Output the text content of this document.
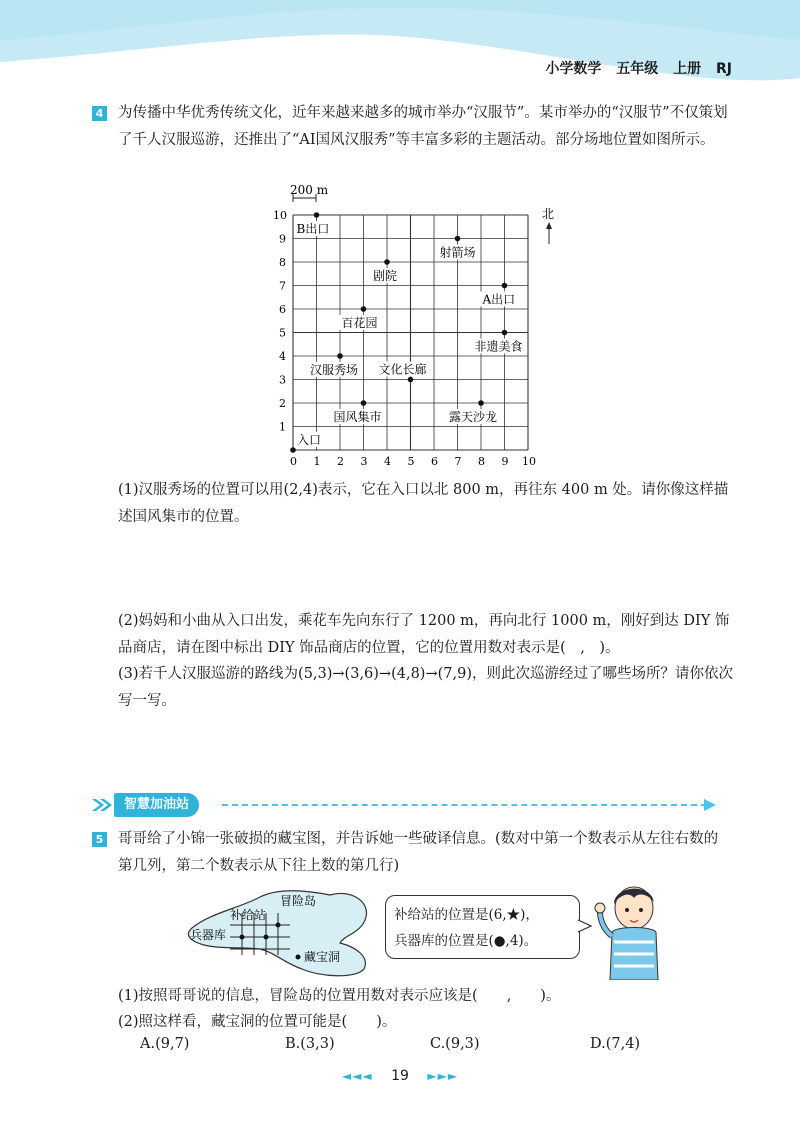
小学数学 五年级 上册 RJ
4 为传播中华优秀传统文化，近年来越来越多的城市举办“汉服节”。某市举办的“汉服节”不仅策划了千人汉服巡游，还推出了“AI国风汉服秀”等丰富多彩的主题活动。部分场地位置如图所示。
200 m
0 1 2 3 4 5 6 7 8 9 10
1
2
3
4
5
6
7
8
9
10
入口
B出口
射箭场
剧院
A出口
百花园
非遗美食
汉服秀场 文化长廊
国风集市	露天沙龙
北
(1)汉服秀场的位置可以用(2,4)表示，它在入口以北 800 m，再往东 400 m 处。请你像这样描述国风集市的位置。
(2)妈妈和小曲从入口出发，乘花车先向东行了 1200 m，再向北行 1000 m，刚好到达 DIY 饰品商店，请在图中标出 DIY 饰品商店的位置，它的位置用数对表示是(　,　)。
(3)若千人汉服巡游的路线为(5,3)→(3,6)→(4,8)→(7,9)，则此次巡游经过了哪些场所？请你依次写一写。
智慧加油站
5 哥哥给了小锦一张破损的藏宝图，并告诉她一些破译信息。(数对中第一个数表示从左往右数的第几列，第二个数表示从下往上数的第几行)
冒险岛
补给站
兵器库
藏宝洞
补给站的位置是(6,★)，
兵器库的位置是(●,4)。
(1)按照哥哥说的信息，冒险岛的位置用数对表示应该是(　　,　　)。
(2)照这样看，藏宝洞的位置可能是(　　)。
A.(9,7)	B.(3,3)	C.(9,3)	D.(7,4)
◄◄◄ 19 ►►►
